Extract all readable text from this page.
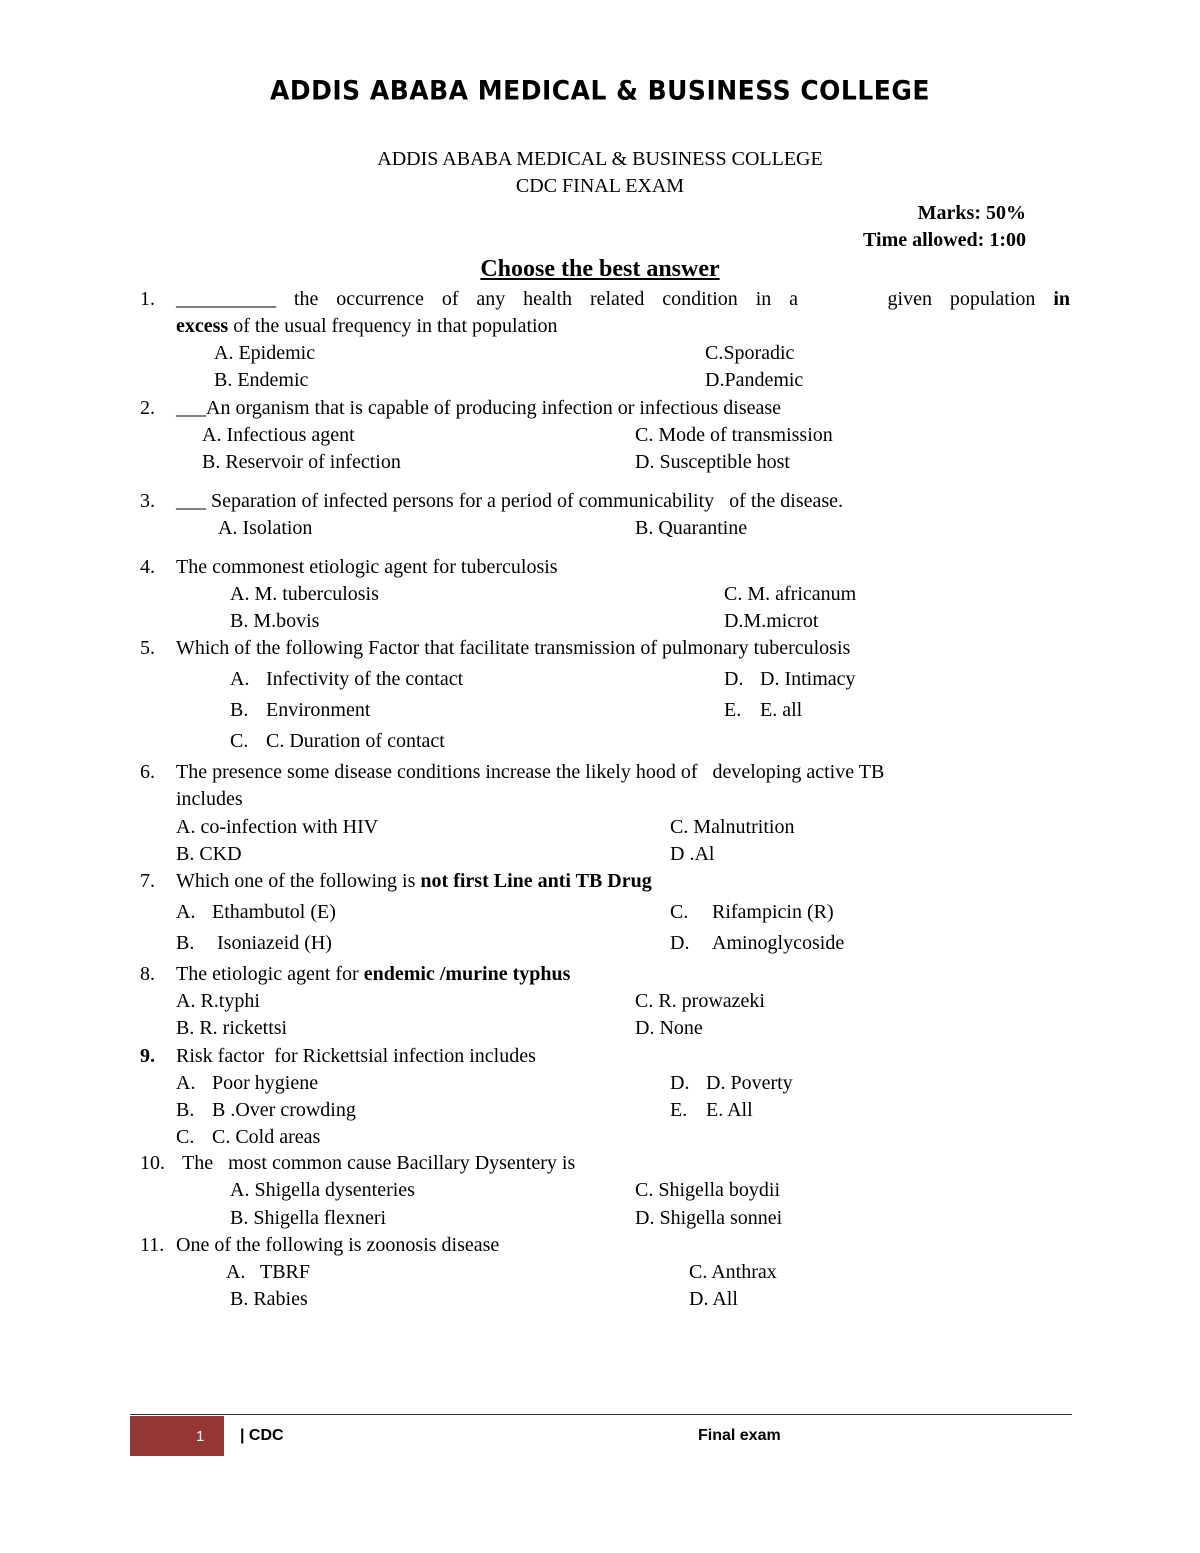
ADDIS ABABA MEDICAL & BUSINESS COLLEGE
ADDIS ABABA MEDICAL & BUSINESS COLLEGE
CDC FINAL EXAM
Marks: 50%
Time allowed: 1:00
Choose the best answer
1. __________ the occurrence of any health related condition in a     given population in
excess of the usual frequency in that population
A. Epidemic
B. Endemic
C.Sporadic
D.Pandemic
2. ___An organism that is capable of producing infection or infectious disease
A. Infectious agent
B. Reservoir of infection
C. Mode of transmission
D. Susceptible host
3. ___ Separation of infected persons for a period of communicability   of the disease.
A. Isolation	B. Quarantine
4. The commonest etiologic agent for tuberculosis
A. M. tuberculosis
B. M.bovis
C. M. africanum
D.M.microt
5. Which of the following Factor that facilitate transmission of pulmonary tuberculosis
A. Infectivity of the contact
B. Environment
C. C. Duration of contact
D. D. Intimacy
E. E. all
6. The presence some disease conditions increase the likely hood of   developing active TB
includes
A. co-infection with HIV
B. CKD
C. Malnutrition
D .Al
7. Which one of the following is not first Line anti TB Drug
A. Ethambutol (E)
B. Isoniazeid (H)
C. Rifampicin (R)
D. Aminoglycoside
8. The etiologic agent for endemic /murine typhus
A. R.typhi
B. R. rickettsi
C. R. prowazeki
D. None
9. Risk factor  for Rickettsial infection includes
A. Poor hygiene
B. B .Over crowding
C. C. Cold areas
D. D. Poverty
E. E. All
10. The   most common cause Bacillary Dysentery is
A. Shigella dysenteries
B. Shigella flexneri
C. Shigella boydii
D. Shigella sonnei
11. One of the following is zoonosis disease
A. TBRF
B. Rabies
C. Anthrax
D. All
1 | CDC	Final exam
